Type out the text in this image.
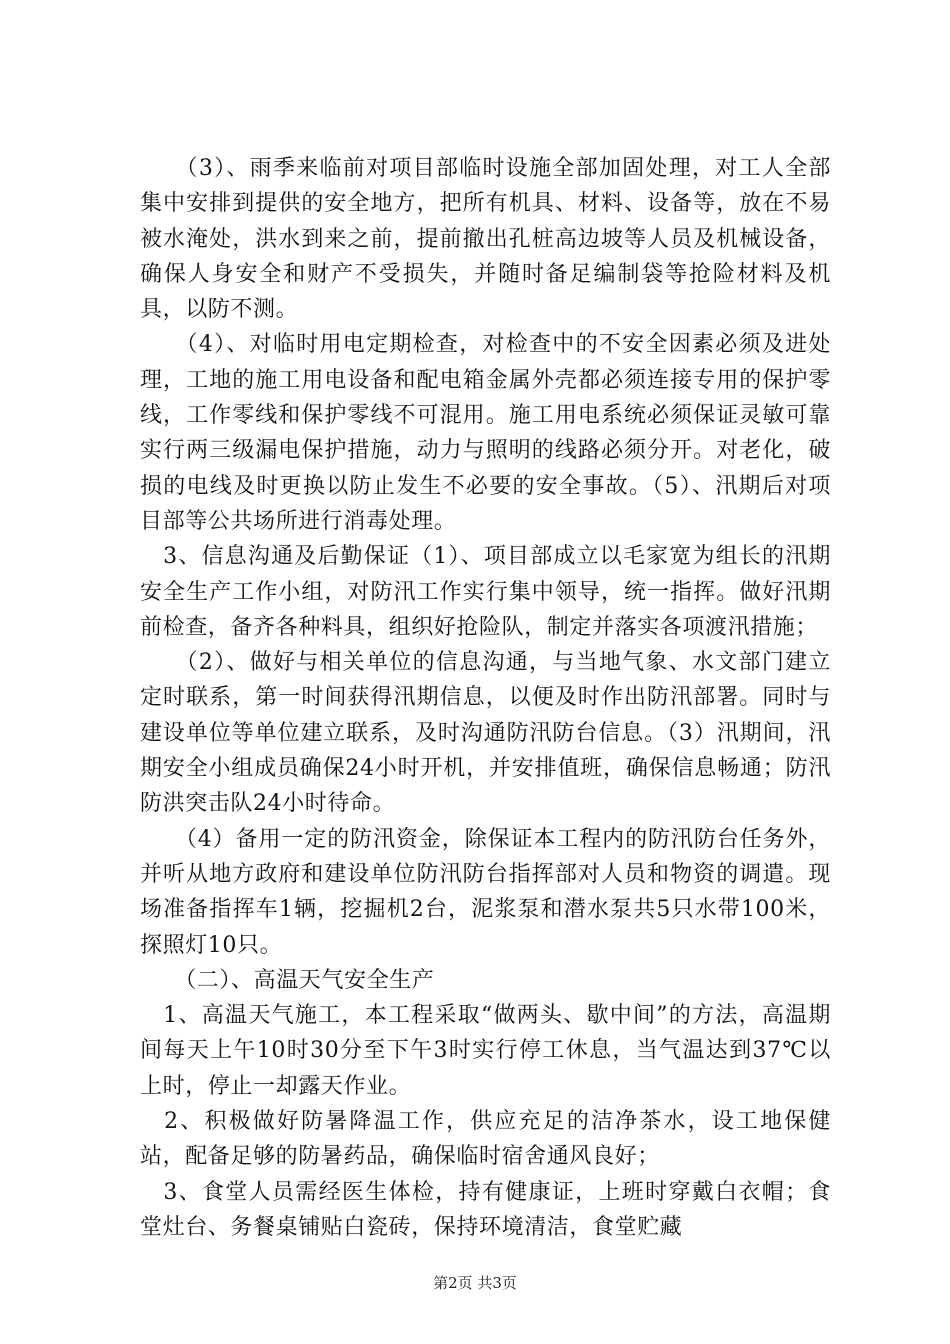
　　（3）、雨季来临前对项目部临时设施全部加固处理，对工人全部集中安排到提供的安全地方，把所有机具、材料、设备等，放在不易被水淹处，洪水到来之前，提前撤出孔桩高边坡等人员及机械设备，确保人身安全和财产不受损失，并随时备足编制袋等抢险材料及机具，以防不测。

　　（4）、对临时用电定期检查，对检查中的不安全因素必须及进处理，工地的施工用电设备和配电箱金属外壳都必须连接专用的保护零线，工作零线和保护零线不可混用。施工用电系统必须保证灵敏可靠实行两三级漏电保护措施，动力与照明的线路必须分开。对老化，破损的电线及时更换以防止发生不必要的安全事故。（5）、汛期后对项目部等公共场所进行消毒处理。

　3、信息沟通及后勤保证（1）、项目部成立以毛家宽为组长的汛期安全生产工作小组，对防汛工作实行集中领导，统一指挥。做好汛期前检查，备齐各种料具，组织好抢险队，制定并落实各项渡汛措施；

　　（2）、做好与相关单位的信息沟通，与当地气象、水文部门建立定时联系，第一时间获得汛期信息，以便及时作出防汛部署。同时与建设单位等单位建立联系，及时沟通防汛防台信息。（3）汛期间，汛期安全小组成员确保24小时开机，并安排值班，确保信息畅通；防汛防洪突击队24小时待命。

　　（4）备用一定的防汛资金，除保证本工程内的防汛防台任务外，并听从地方政府和建设单位防汛防台指挥部对人员和物资的调遣。现场准备指挥车1辆，挖掘机2台，泥浆泵和潜水泵共5只水带100米，探照灯10只。

　　（二）、高温天气安全生产

　1、高温天气施工，本工程采取“做两头、歇中间”的方法，高温期间每天上午10时30分至下午3时实行停工休息，当气温达到37℃以上时，停止一却露天作业。

　2、积极做好防暑降温工作，供应充足的洁净茶水，设工地保健站，配备足够的防暑药品，确保临时宿舍通风良好；

　3、食堂人员需经医生体检，持有健康证，上班时穿戴白衣帽；食堂灶台、务餐桌铺贴白瓷砖，保持环境清洁，食堂贮藏

第2页 共3页
